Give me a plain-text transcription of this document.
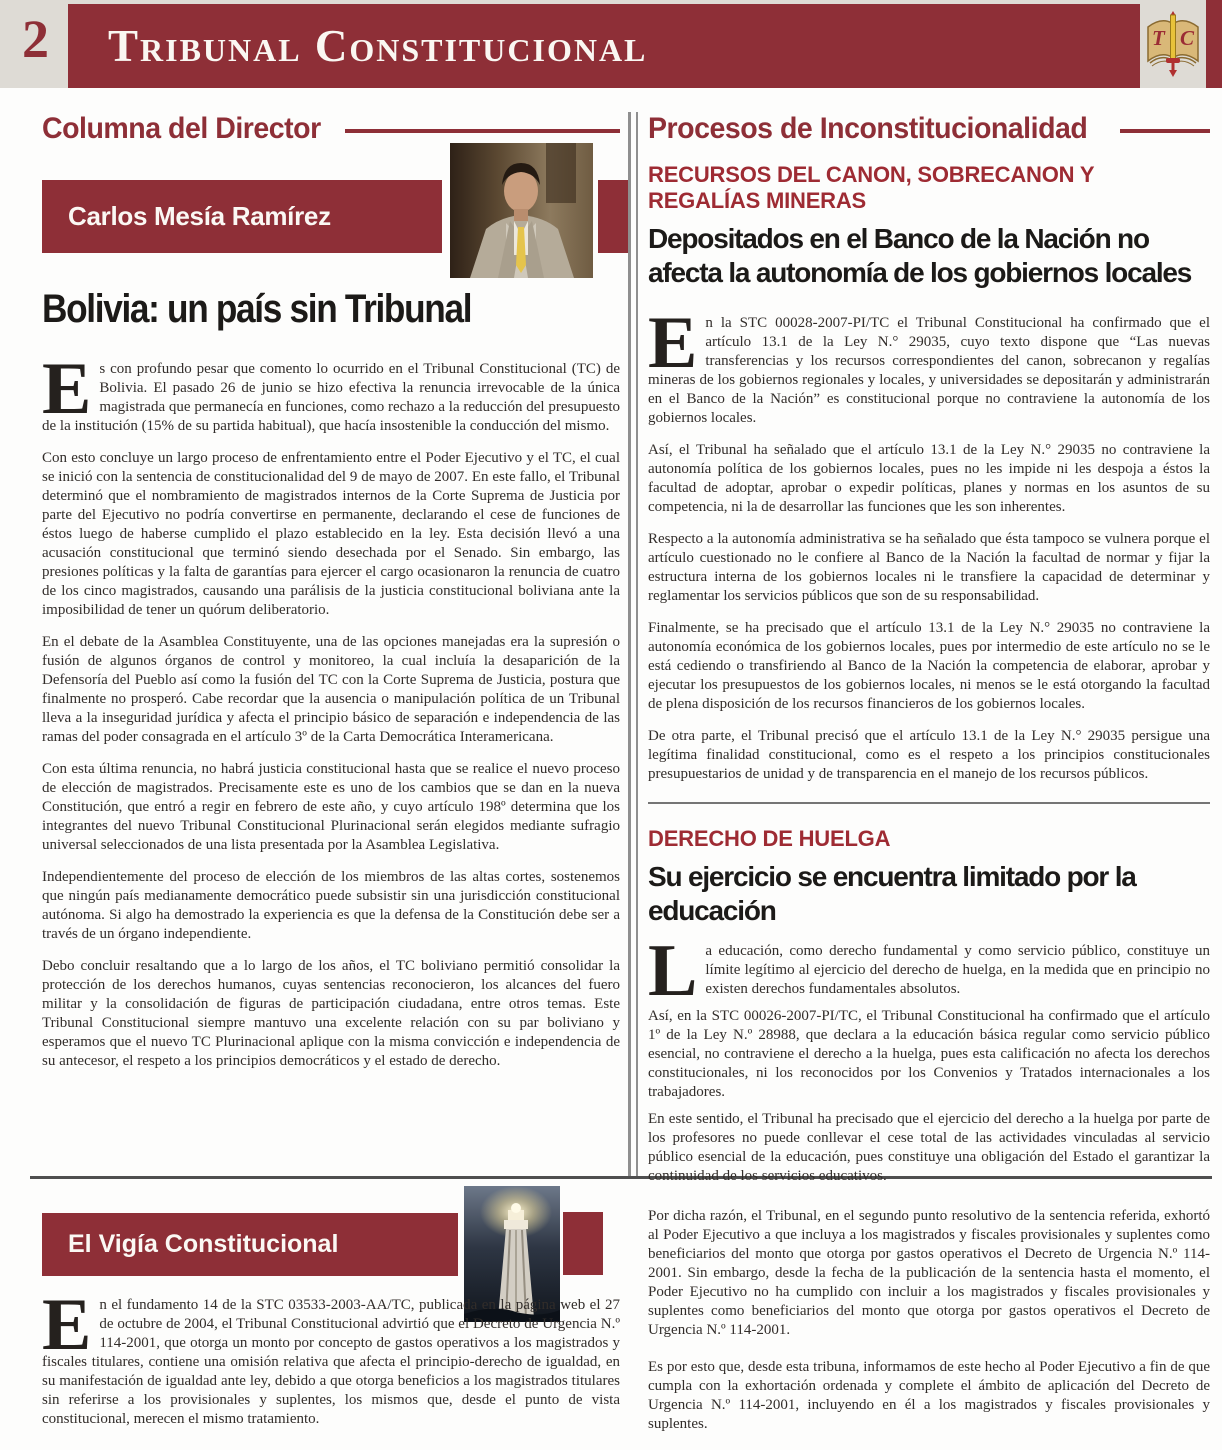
2	Tribunal Constitucional	T C
Columna del Director
Carlos Mesía Ramírez
Bolivia: un país sin Tribunal

Es con profundo pesar que comento lo ocurrido en el Tribunal Constitucional (TC) de Bolivia. El pasado 26 de junio se hizo efectiva la renuncia irrevocable de la única magistrada que permanecía en funciones, como rechazo a la reducción del presupuesto de la institución (15% de su partida habitual), que hacía insostenible la conducción del mismo.

Con esto concluye un largo proceso de enfrentamiento entre el Poder Ejecutivo y el TC, el cual se inició con la sentencia de constitucionalidad del 9 de mayo de 2007. En este fallo, el Tribunal determinó que el nombramiento de magistrados internos de la Corte Suprema de Justicia por parte del Ejecutivo no podría convertirse en permanente, declarando el cese de funciones de éstos luego de haberse cumplido el plazo establecido en la ley. Esta decisión llevó a una acusación constitucional que terminó siendo desechada por el Senado. Sin embargo, las presiones políticas y la falta de garantías para ejercer el cargo ocasionaron la renuncia de cuatro de los cinco magistrados, causando una parálisis de la justicia constitucional boliviana ante la imposibilidad de tener un quórum deliberatorio.

En el debate de la Asamblea Constituyente, una de las opciones manejadas era la supresión o fusión de algunos órganos de control y monitoreo, la cual incluía la desaparición de la Defensoría del Pueblo así como la fusión del TC con la Corte Suprema de Justicia, postura que finalmente no prosperó. Cabe recordar que la ausencia o manipulación política de un Tribunal lleva a la inseguridad jurídica y afecta el principio básico de separación e independencia de las ramas del poder consagrada en el artículo 3º de la Carta Democrática Interamericana.

Con esta última renuncia, no habrá justicia constitucional hasta que se realice el nuevo proceso de elección de magistrados. Precisamente este es uno de los cambios que se dan en la nueva Constitución, que entró a regir en febrero de este año, y cuyo artículo 198º determina que los integrantes del nuevo Tribunal Constitucional Plurinacional serán elegidos mediante sufragio universal seleccionados de una lista presentada por la Asamblea Legislativa.

Independientemente del proceso de elección de los miembros de las altas cortes, sostenemos que ningún país medianamente democrático puede subsistir sin una jurisdicción constitucional autónoma. Si algo ha demostrado la experiencia es que la defensa de la Constitución debe ser a través de un órgano independiente.

Debo concluir resaltando que a lo largo de los años, el TC boliviano permitió consolidar la protección de los derechos humanos, cuyas sentencias reconocieron, los alcances del fuero militar y la consolidación de figuras de participación ciudadana, entre otros temas. Este Tribunal Constitucional siempre mantuvo una excelente relación con su par boliviano y esperamos que el nuevo TC Plurinacional aplique con la misma convicción e independencia de su antecesor, el respeto a los principios democráticos y el estado de derecho.

Procesos de Inconstitucionalidad
RECURSOS DEL CANON, SOBRECANON Y REGALÍAS MINERAS
Depositados en el Banco de la Nación no afecta la autonomía de los gobiernos locales

En la STC 00028-2007-PI/TC el Tribunal Constitucional ha confirmado que el artículo 13.1 de la Ley N.° 29035, cuyo texto dispone que “Las nuevas transferencias y los recursos correspondientes del canon, sobrecanon y regalías mineras de los gobiernos regionales y locales, y universidades se depositarán y administrarán en el Banco de la Nación” es constitucional porque no contraviene la autonomía de los gobiernos locales.

Así, el Tribunal ha señalado que el artículo 13.1 de la Ley N.° 29035 no contraviene la autonomía política de los gobiernos locales, pues no les impide ni les despoja a éstos la facultad de adoptar, aprobar o expedir políticas, planes y normas en los asuntos de su competencia, ni la de desarrollar las funciones que les son inherentes.

Respecto a la autonomía administrativa se ha señalado que ésta tampoco se vulnera porque el artículo cuestionado no le confiere al Banco de la Nación la facultad de normar y fijar la estructura interna de los gobiernos locales ni le transfiere la capacidad de determinar y reglamentar los servicios públicos que son de su responsabilidad.

Finalmente, se ha precisado que el artículo 13.1 de la Ley N.° 29035 no contraviene la autonomía económica de los gobiernos locales, pues por intermedio de este artículo no se le está cediendo o transfiriendo al Banco de la Nación la competencia de elaborar, aprobar y ejecutar los presupuestos de los gobiernos locales, ni menos se le está otorgando la facultad de plena disposición de los recursos financieros de los gobiernos locales.

De otra parte, el Tribunal precisó que el artículo 13.1 de la Ley N.° 29035 persigue una legítima finalidad constitucional, como es el respeto a los principios constitucionales presupuestarios de unidad y de transparencia en el manejo de los recursos públicos.

DERECHO DE HUELGA
Su ejercicio se encuentra limitado por la educación

La educación, como derecho fundamental y como servicio público, constituye un límite legítimo al ejercicio del derecho de huelga, en la medida que en principio no existen derechos fundamentales absolutos.

Así, en la STC 00026-2007-PI/TC, el Tribunal Constitucional ha confirmado que el artículo 1º de la Ley N.º 28988, que declara a la educación básica regular como servicio público esencial, no contraviene el derecho a la huelga, pues esta calificación no afecta los derechos constitucionales, ni los reconocidos por los Convenios y Tratados internacionales a los trabajadores.

En este sentido, el Tribunal ha precisado que el ejercicio del derecho a la huelga por parte de los profesores no puede conllevar el cese total de las actividades vinculadas al servicio público esencial de la educación, pues constituye una obligación del Estado el garantizar la continuidad de los servicios educativos.

El Vigía Constitucional

En el fundamento 14 de la STC 03533-2003-AA/TC, publicada en la página web el 27 de octubre de 2004, el Tribunal Constitucional advirtió que el Decreto de Urgencia N.º 114-2001, que otorga un monto por concepto de gastos operativos a los magistrados y fiscales titulares, contiene una omisión relativa que afecta el principio-derecho de igualdad, en su manifestación de igualdad ante ley, debido a que otorga beneficios a los magistrados titulares sin referirse a los provisionales y suplentes, los mismos que, desde el punto de vista constitucional, merecen el mismo tratamiento.

Por dicha razón, el Tribunal, en el segundo punto resolutivo de la sentencia referida, exhortó al Poder Ejecutivo a que incluya a los magistrados y fiscales provisionales y suplentes como beneficiarios del monto que otorga por gastos operativos el Decreto de Urgencia N.º 114-2001. Sin embargo, desde la fecha de la publicación de la sentencia hasta el momento, el Poder Ejecutivo no ha cumplido con incluir a los magistrados y fiscales provisionales y suplentes como beneficiarios del monto que otorga por gastos operativos el Decreto de Urgencia N.º 114-2001.

Es por esto que, desde esta tribuna, informamos de este hecho al Poder Ejecutivo a fin de que cumpla con la exhortación ordenada y complete el ámbito de aplicación del Decreto de Urgencia N.º 114-2001, incluyendo en él a los magistrados y fiscales provisionales y suplentes.
